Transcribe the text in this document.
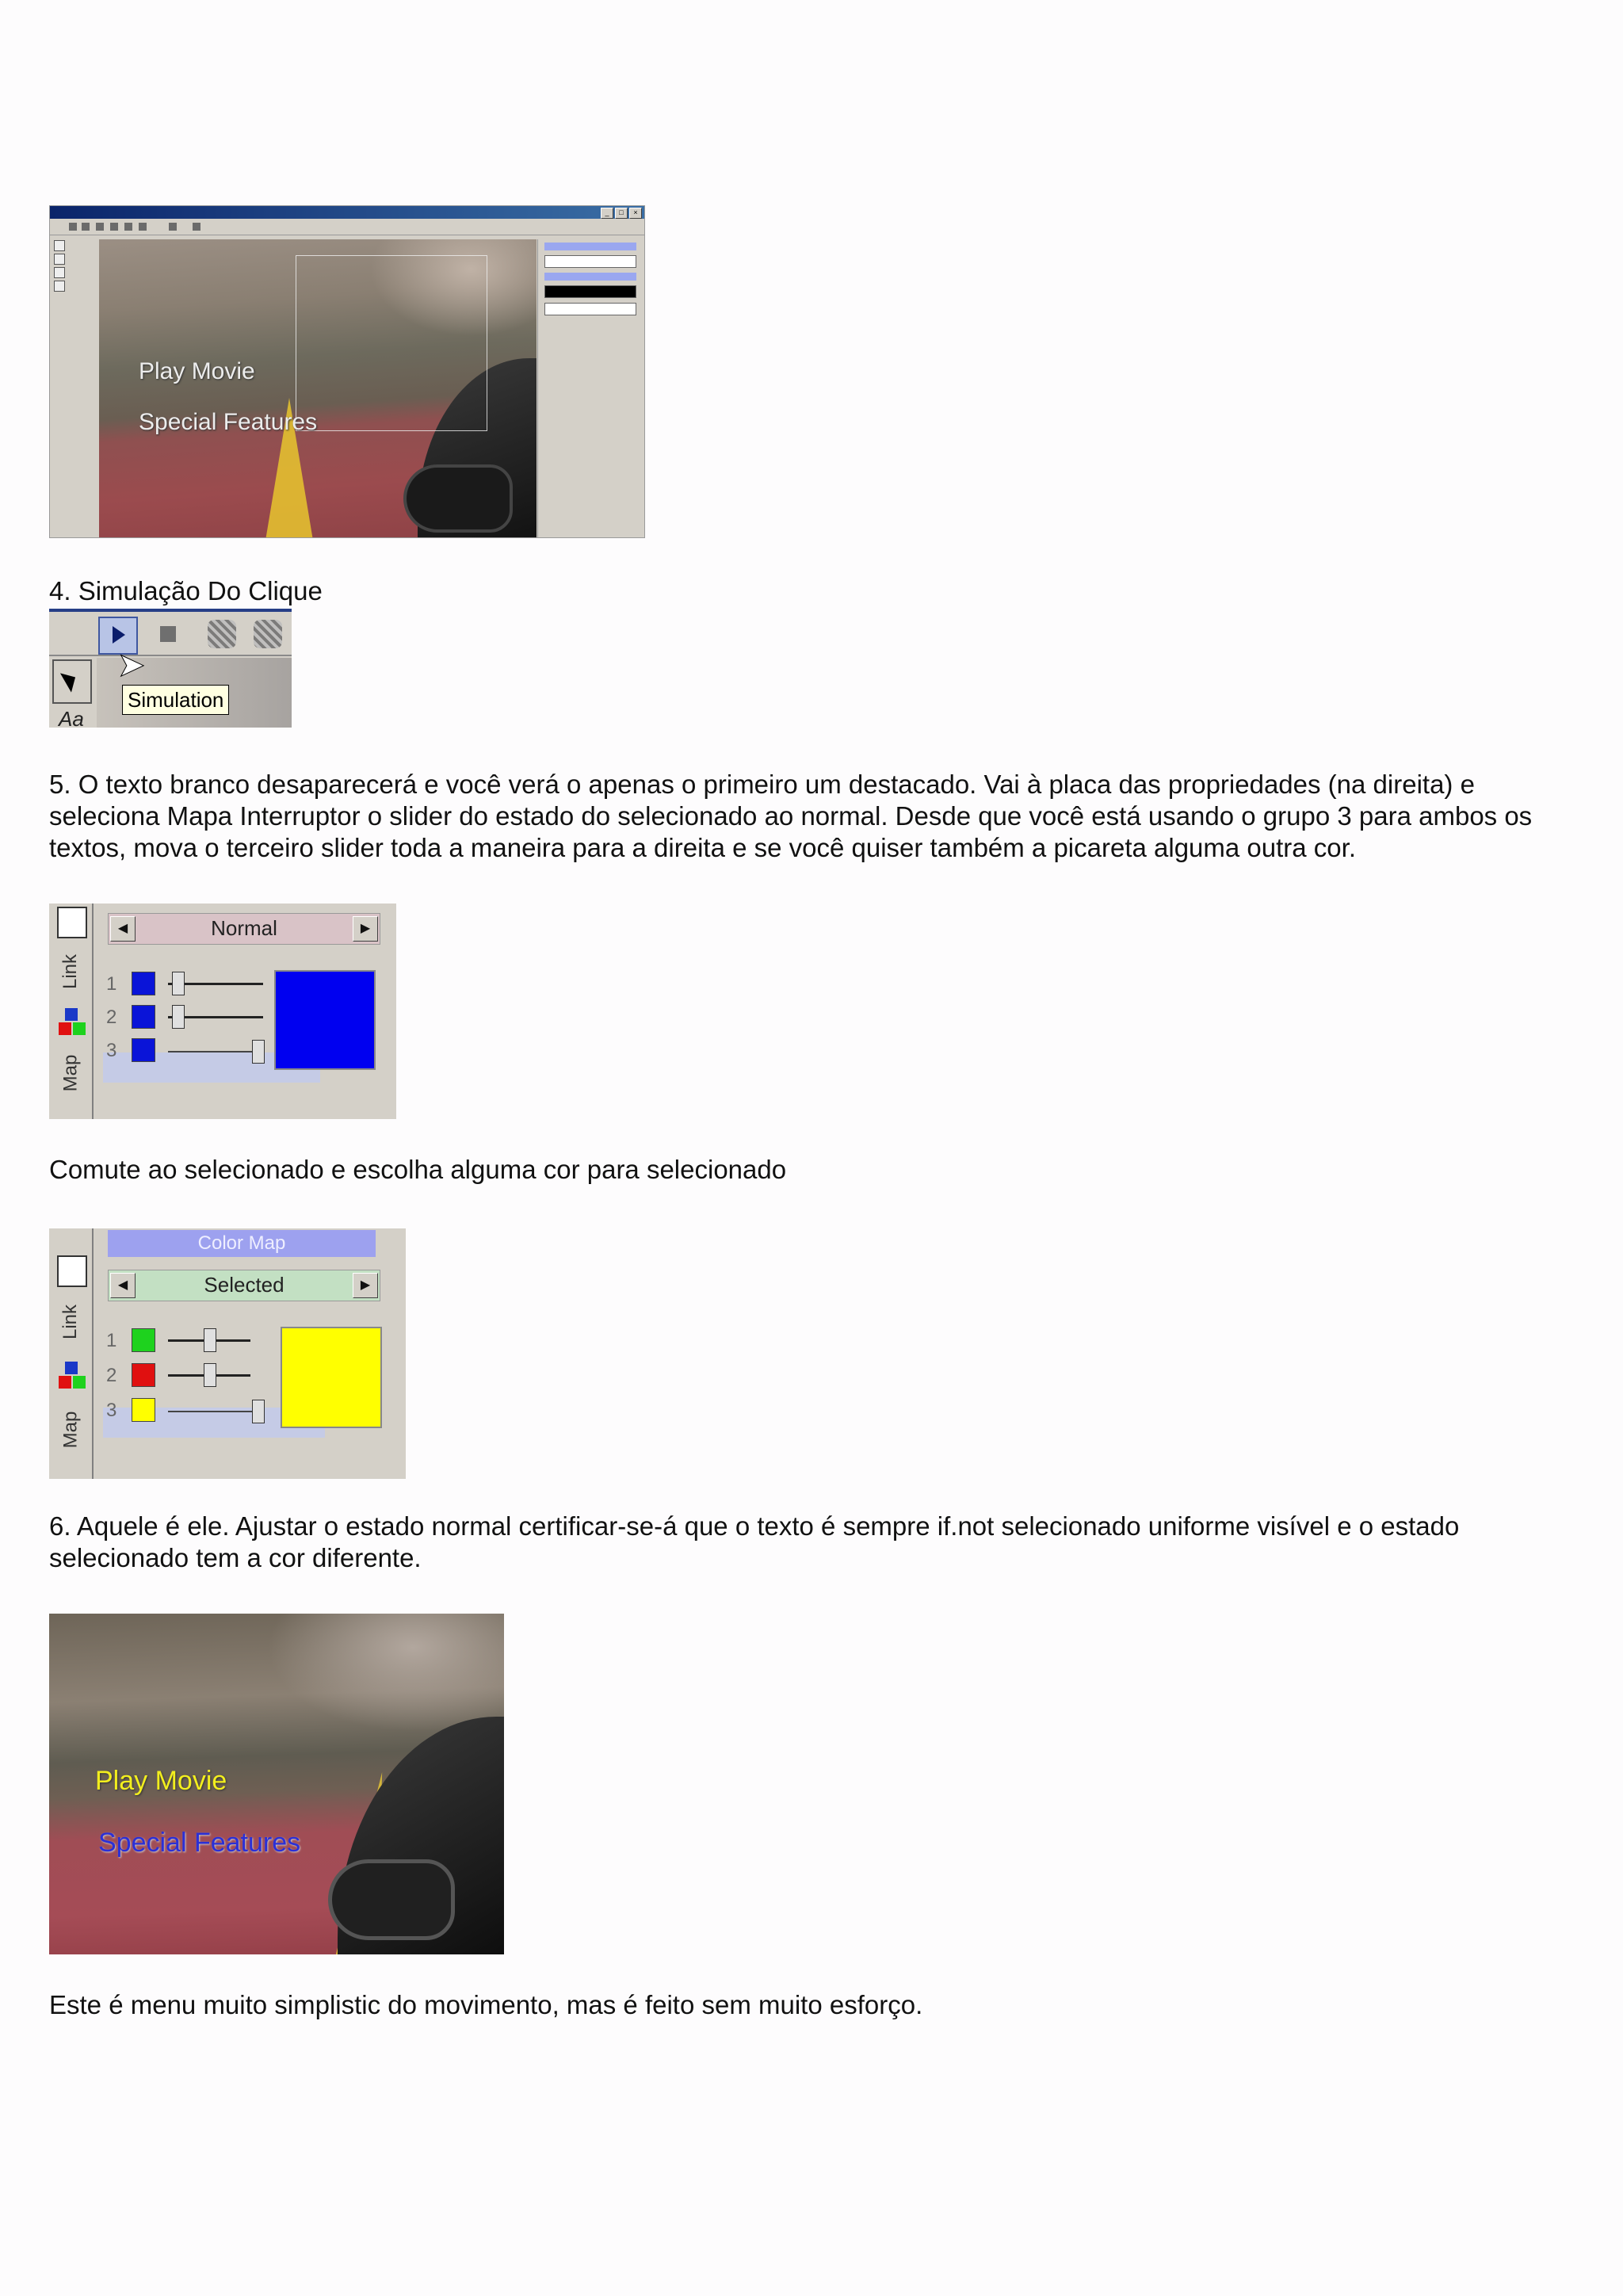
_	□	×
Play Movie
Special Features

4. Simulação Do Clique

➤
Simulation
Aa

5. O texto branco desaparecerá e você verá o apenas o primeiro um destacado. Vai à placa das propriedades (na direita) e seleciona Mapa Interruptor o slider do estado do selecionado ao normal. Desde que você está usando o grupo 3 para ambos os textos, mova o terceiro slider toda a maneira para a direita e se você quiser também a picareta alguma outra cor.

Link
Map
◀	Normal	▶
1
2
3

Comute ao selecionado e escolha alguma cor para selecionado

Link
Map
Color Map
◀	Selected	▶
1
2
3

6. Aquele é ele. Ajustar o estado normal certificar-se-á que o texto é sempre if.not selecionado uniforme visível e o estado selecionado tem a cor diferente.

Play Movie
Special Features

Este é menu muito simplistic do movimento, mas é feito sem muito esforço.
